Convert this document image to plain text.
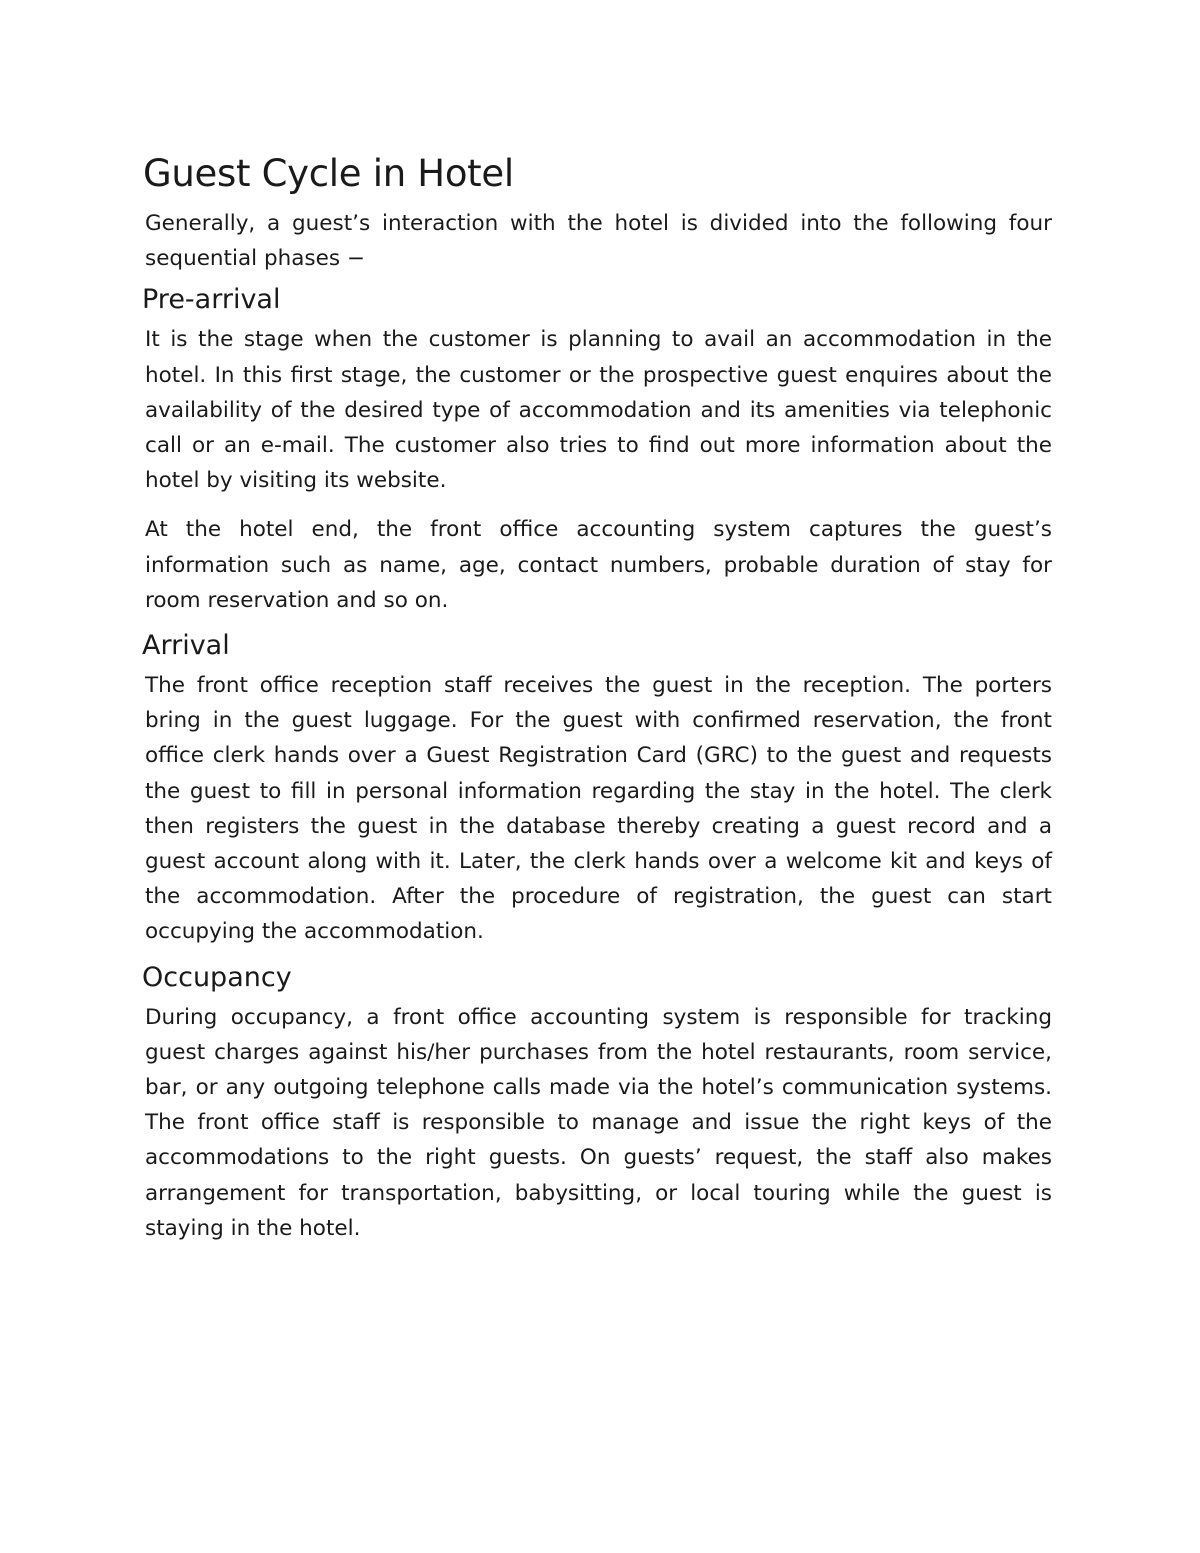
Guest Cycle in Hotel

Generally, a guest’s interaction with the hotel is divided into the following four sequential phases −

Pre-arrival

It is the stage when the customer is planning to avail an accommodation in the hotel. In this first stage, the customer or the prospective guest enquires about the availability of the desired type of accommodation and its amenities via telephonic call or an e-mail. The customer also tries to find out more information about the hotel by visiting its website.

At the hotel end, the front office accounting system captures the guest’s information such as name, age, contact numbers, probable duration of stay for room reservation and so on.

Arrival

The front office reception staff receives the guest in the reception. The porters bring in the guest luggage. For the guest with confirmed reservation, the front office clerk hands over a Guest Registration Card (GRC) to the guest and requests the guest to fill in personal information regarding the stay in the hotel. The clerk then registers the guest in the database thereby creating a guest record and a guest account along with it. Later, the clerk hands over a welcome kit and keys of the accommodation. After the procedure of registration, the guest can start occupying the accommodation.

Occupancy

During occupancy, a front office accounting system is responsible for tracking guest charges against his/her purchases from the hotel restaurants, room service, bar, or any outgoing telephone calls made via the hotel’s communication systems. The front office staff is responsible to manage and issue the right keys of the accommodations to the right guests. On guests’ request, the staff also makes arrangement for transportation, babysitting, or local touring while the guest is staying in the hotel.
